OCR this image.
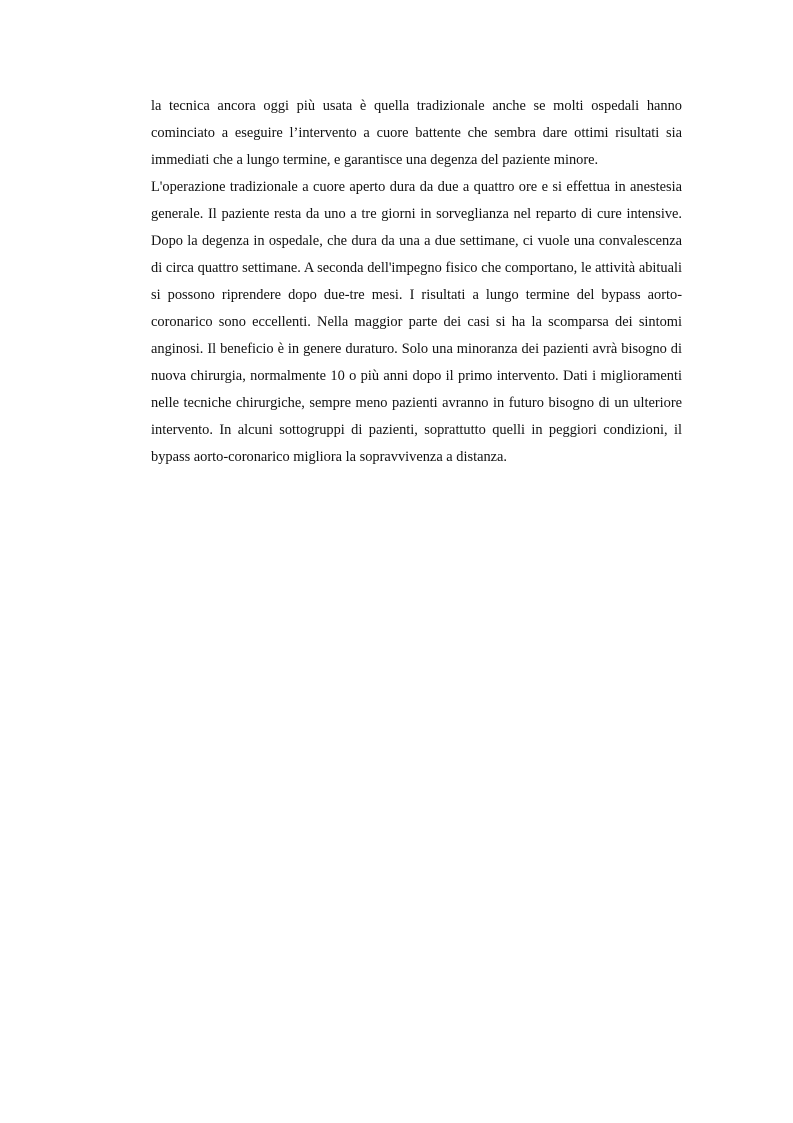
la tecnica ancora oggi più usata è quella tradizionale anche se molti ospedali hanno cominciato a eseguire l’intervento a cuore battente che sembra dare ottimi risultati sia immediati che a lungo termine, e garantisce una degenza del paziente minore.

L'operazione tradizionale a cuore aperto dura da due a quattro ore e si effettua in anestesia generale. Il paziente resta da uno a tre giorni in sorveglianza nel reparto di cure intensive. Dopo la degenza in ospedale, che dura da una a due settimane, ci vuole una convalescenza di circa quattro settimane. A seconda dell'impegno fisico che comportano, le attività abituali si possono riprendere dopo due-tre mesi. I risultati a lungo termine del bypass aorto-coronarico sono eccellenti. Nella maggior parte dei casi si ha la scomparsa dei sintomi anginosi. Il beneficio è in genere duraturo. Solo una minoranza dei pazienti avrà bisogno di nuova chirurgia, normalmente 10 o più anni dopo il primo intervento. Dati i miglioramenti nelle tecniche chirurgiche, sempre meno pazienti avranno in futuro bisogno di un ulteriore intervento. In alcuni sottogruppi di pazienti, soprattutto quelli in peggiori condizioni, il bypass aorto-coronarico migliora la sopravvivenza a distanza.
